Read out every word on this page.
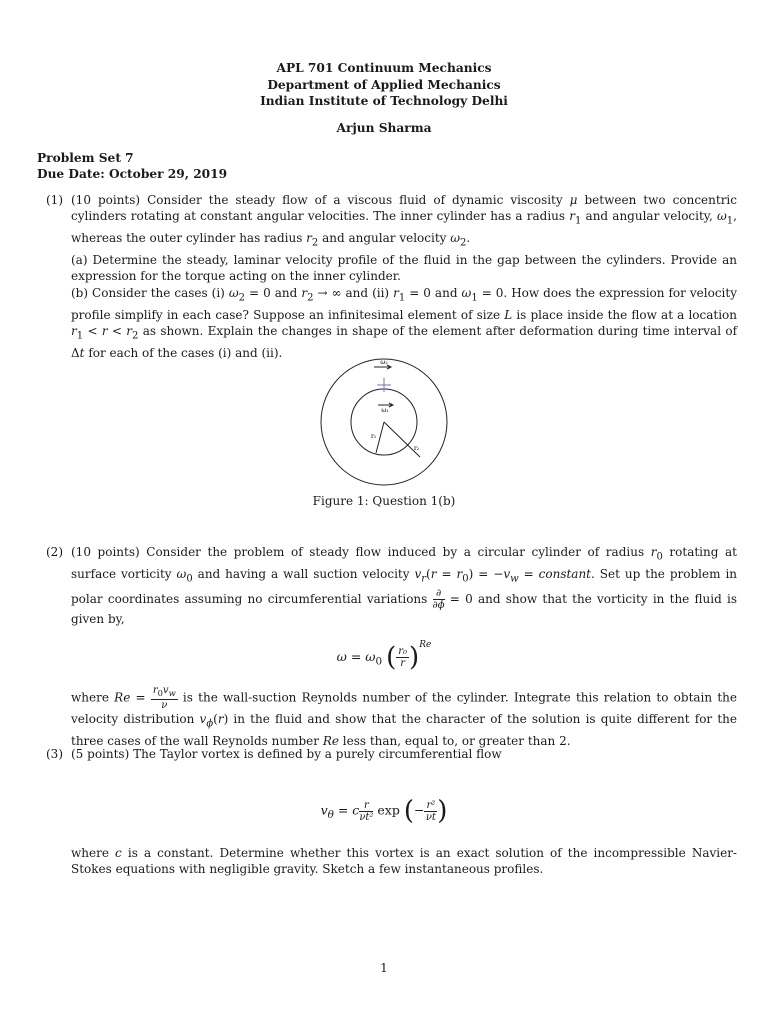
APL 701 Continuum Mechanics
Department of Applied Mechanics
Indian Institute of Technology Delhi
Arjun Sharma
Problem Set 7
Due Date: October 29, 2019
(1) (10 points) Consider the steady flow of a viscous fluid of dynamic viscosity μ between two concentric cylinders rotating at constant angular velocities. The inner cylinder has a radius $r_1$ and angular velocity, $\omega_1$, whereas the outer cylinder has radius $r_2$ and angular velocity $\omega_2$.

(a) Determine the steady, laminar velocity profile of the fluid in the gap between the cylinders. Provide an expression for the torque acting on the inner cylinder.

(b) Consider the cases (i) $\omega_2 = 0$ and $r_2$ → ∞ and (ii) $r_1 = 0$ and $\omega_1 = 0$. How does the expression for velocity profile simplify in each case? Suppose an infinitesimal element of size L is place inside the flow at a location $r_1 < r < r_2$ as shown. Explain the changes in shape of the element after deformation during time interval of Δt for each of the cases (i) and (ii).

ω₂
ω₁
r₁
r₂
Figure 1: Question 1(b)
(2) (10 points) Consider the problem of steady flow induced by a circular cylinder of radius $r_0$ rotating at surface vorticity $\omega_0$ and having a wall suction velocity $v_r(r = r_0) = -v_w$ = constant. Set up the problem in polar coordinates assuming no circumferential variations $\frac{\partial}{\partial\phi} = 0$ and show that the vorticity in the fluid is given by,

$\omega = \omega_0$ ( $\frac{\text{r₀}}{r} )^{Re}$

where $Re = \frac{r_0v_w}{\nu}$ is the wall-suction Reynolds number of the cylinder. Integrate this relation to obtain the velocity distribution $v_\phi(r)$ in the fluid and show that the character of the solution is quite different for the three cases of the wall Reynolds number Re less than, equal to, or greater than 2.

(3) (5 points) The Taylor vortex is defined by a purely circumferential flow

$v_\theta = c \frac{r}{\text{νt²}}$ exp (− $\frac{\text{r²}}{\nu t}$ )

where c is a constant. Determine whether this vortex is an exact solution of the incompressible Navier-Stokes equations with negligible gravity. Sketch a few instantaneous profiles.

1
